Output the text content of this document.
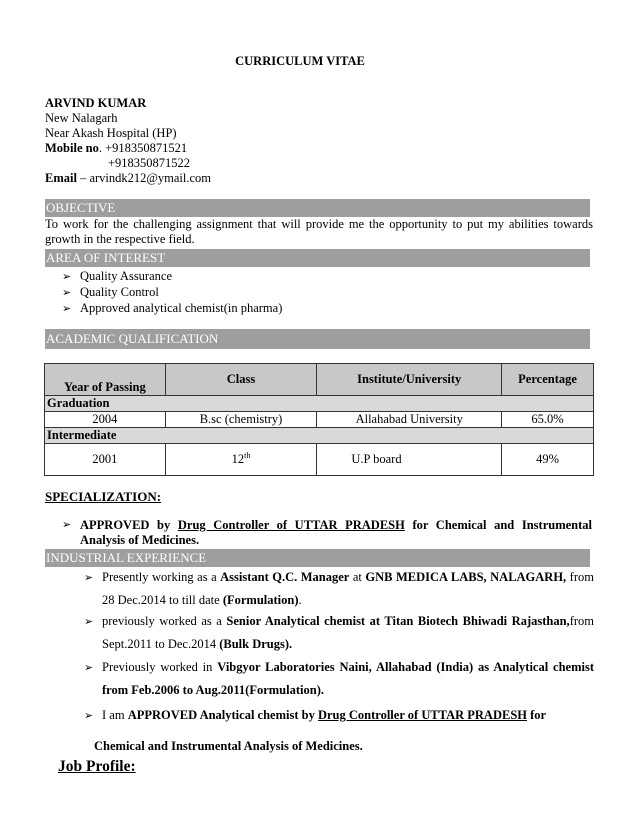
CURRICULUM VITAE
ARVIND KUMAR
New Nalagarh
Near Akash Hospital (HP)
Mobile no. +918350871521
+918350871522
Email – arvindk212@ymail.com
OBJECTIVE
To work for the challenging assignment that will provide me the opportunity to put my abilities towards growth in the respective field.
AREA OF INTEREST
➢ Quality Assurance
➢ Quality Control
➢ Approved analytical chemist(in pharma)
ACADEMIC QUALIFICATION
Year of Passing	Class	Institute/University	Percentage
Graduation			
2004	B.sc (chemistry)	Allahabad University	65.0%
Intermediate			
2001	12th	U.P board	49%
SPECIALIZATION:
➢ APPROVED by Drug Controller of UTTAR PRADESH for Chemical and Instrumental Analysis of Medicines.
INDUSTRIAL EXPERIENCE
➢ Presently working as a Assistant Q.C. Manager at GNB MEDICA LABS, NALAGARH, from
28 Dec.2014 to till date (Formulation).
➢ previously worked as a Senior Analytical chemist at Titan Biotech Bhiwadi Rajasthan,from
Sept.2011 to Dec.2014 (Bulk Drugs).
➢ Previously worked in Vibgyor Laboratories Naini, Allahabad (India) as Analytical chemist
from Feb.2006 to Aug.2011(Formulation).
➢ I am APPROVED Analytical chemist by Drug Controller of UTTAR PRADESH for
Chemical and Instrumental Analysis of Medicines.
Job Profile:
